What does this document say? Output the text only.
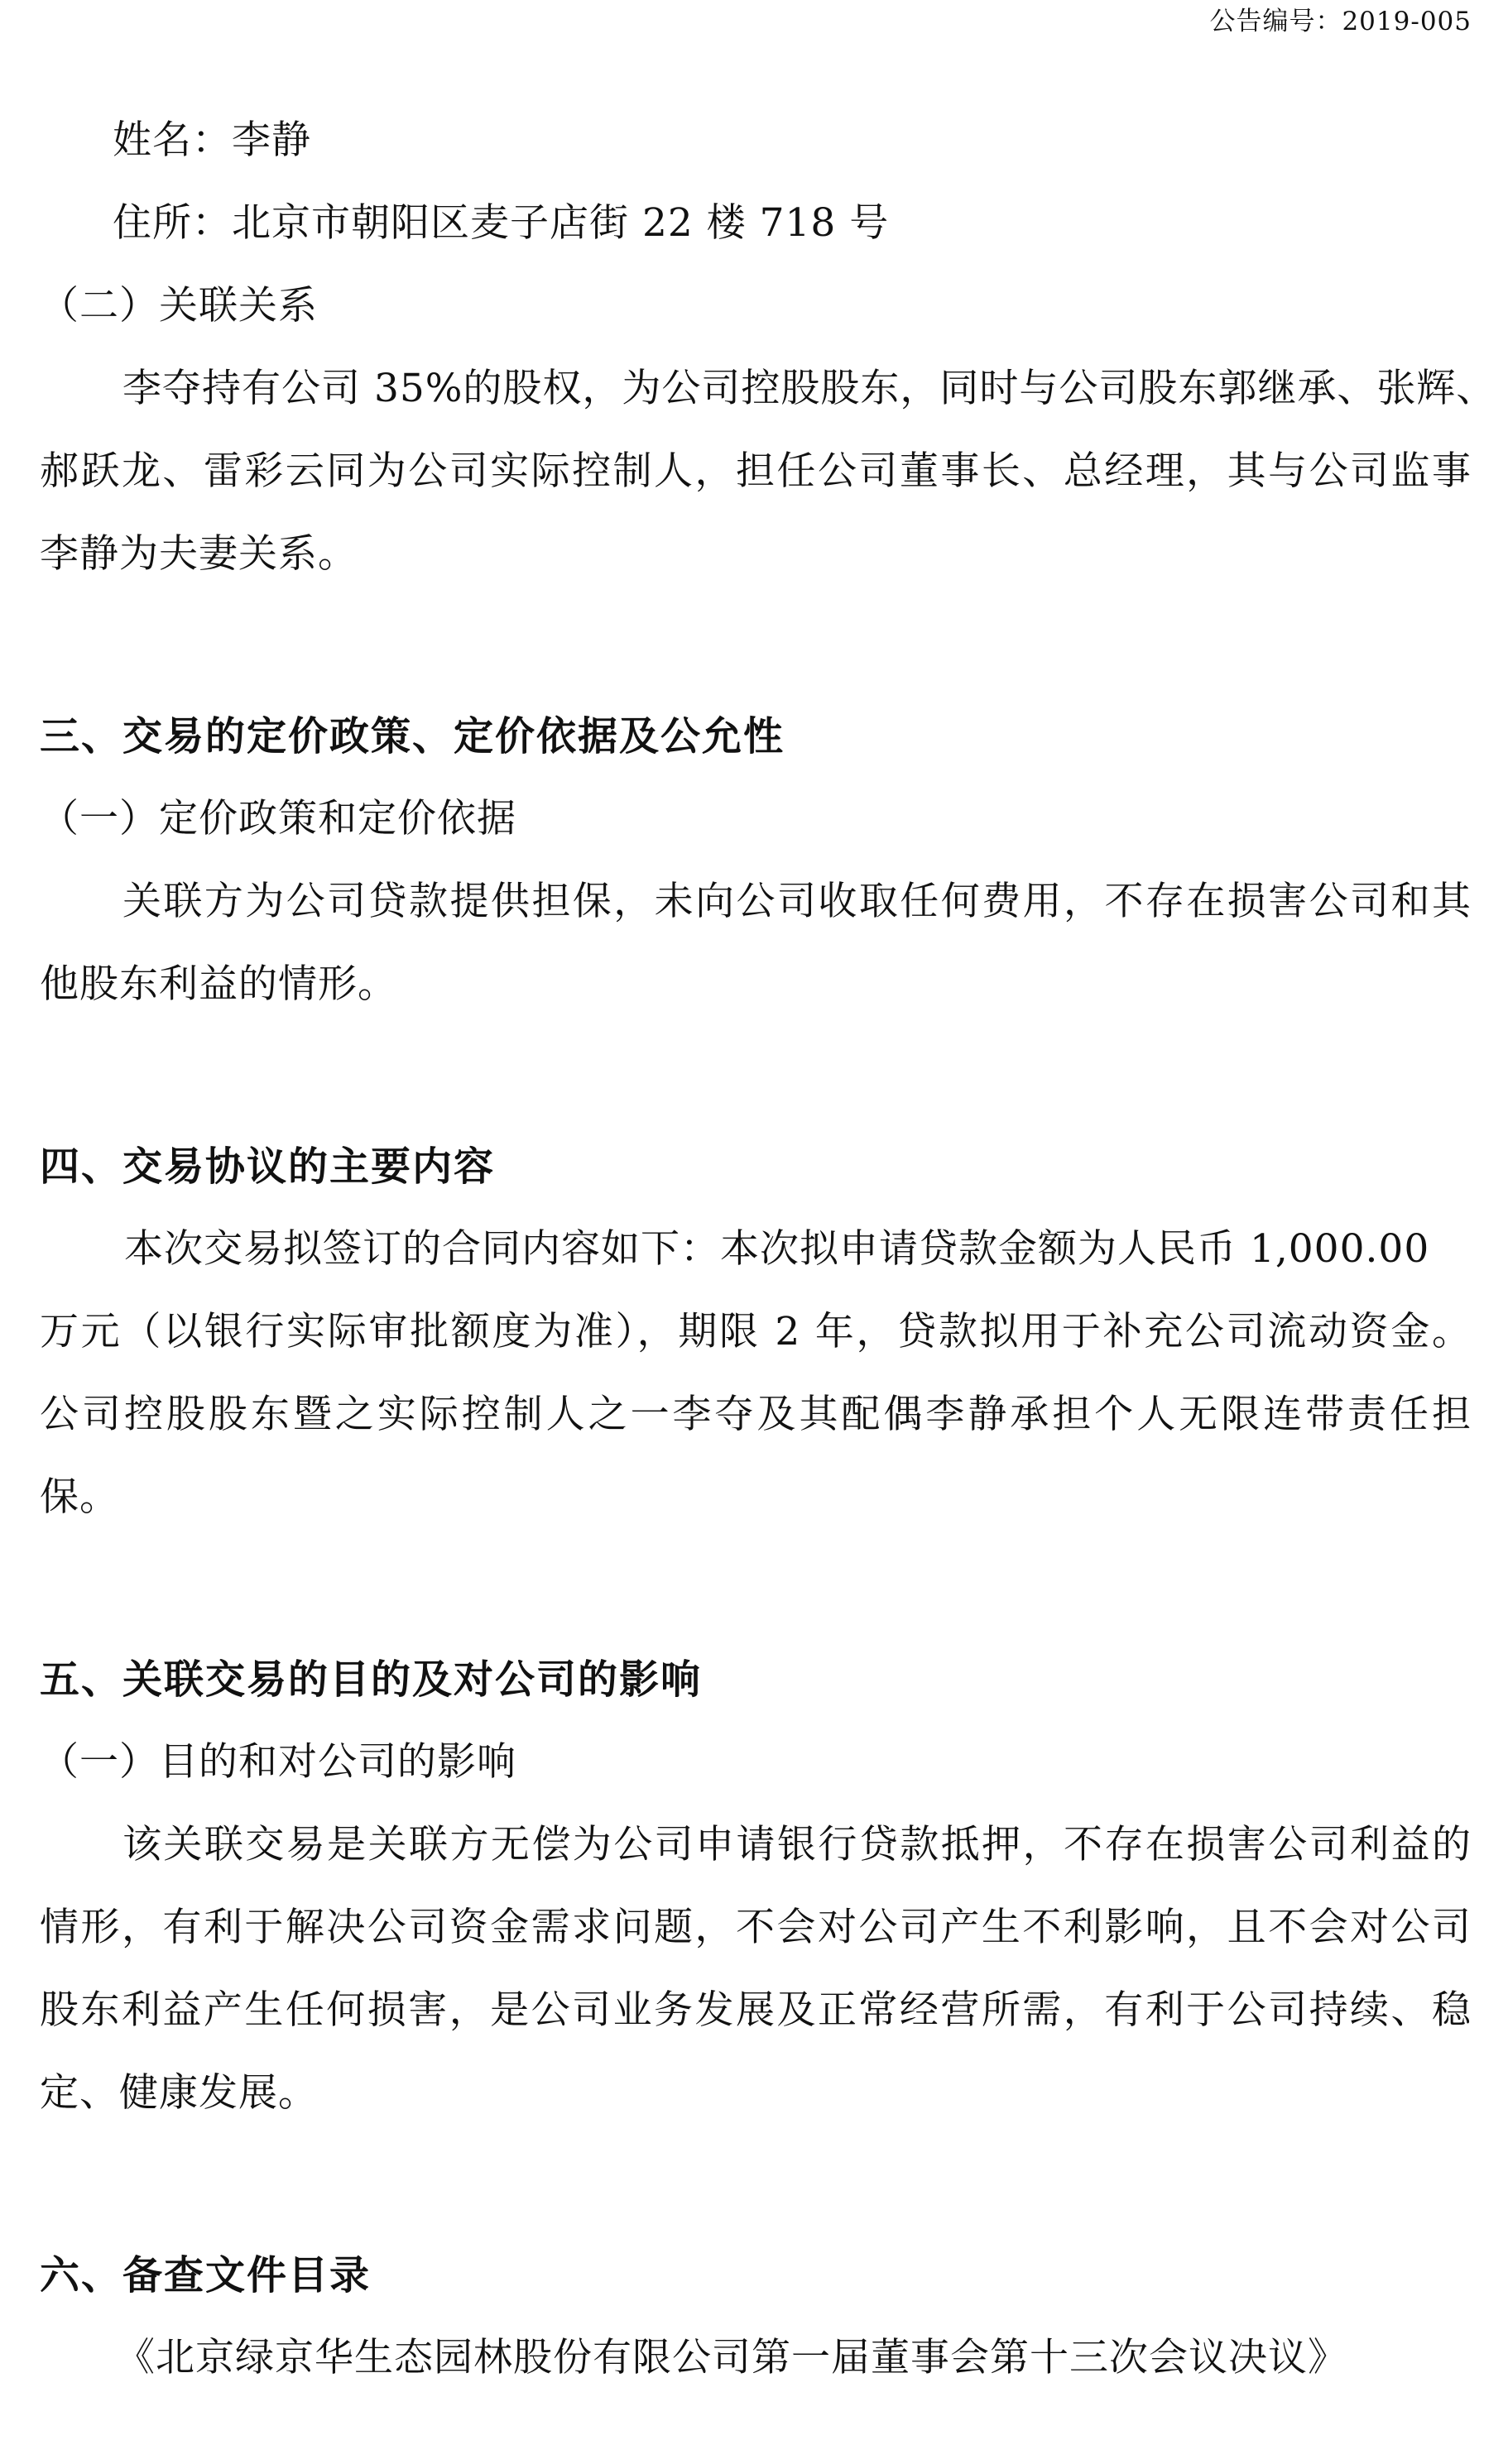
公告编号：2019-005
姓名：李静
住所：北京市朝阳区麦子店街 22 楼 718 号
（二）关联关系
李夺持有公司 35%的股权，为公司控股股东，同时与公司股东郭继承、张辉、
郝跃龙、雷彩云同为公司实际控制人，担任公司董事长、总经理，其与公司监事
李静为夫妻关系。
三、交易的定价政策、定价依据及公允性
（一）定价政策和定价依据
关联方为公司贷款提供担保，未向公司收取任何费用，不存在损害公司和其
他股东利益的情形。
四、交易协议的主要内容
本次交易拟签订的合同内容如下：本次拟申请贷款金额为人民币 1,000.00
万元（以银行实际审批额度为准），期限 2 年，贷款拟用于补充公司流动资金。
公司控股股东暨之实际控制人之一李夺及其配偶李静承担个人无限连带责任担
保。
五、关联交易的目的及对公司的影响
（一）目的和对公司的影响
该关联交易是关联方无偿为公司申请银行贷款抵押，不存在损害公司利益的
情形，有利于解决公司资金需求问题，不会对公司产生不利影响，且不会对公司
股东利益产生任何损害，是公司业务发展及正常经营所需，有利于公司持续、稳
定、健康发展。
六、备查文件目录
《北京绿京华生态园林股份有限公司第一届董事会第十三次会议决议》
